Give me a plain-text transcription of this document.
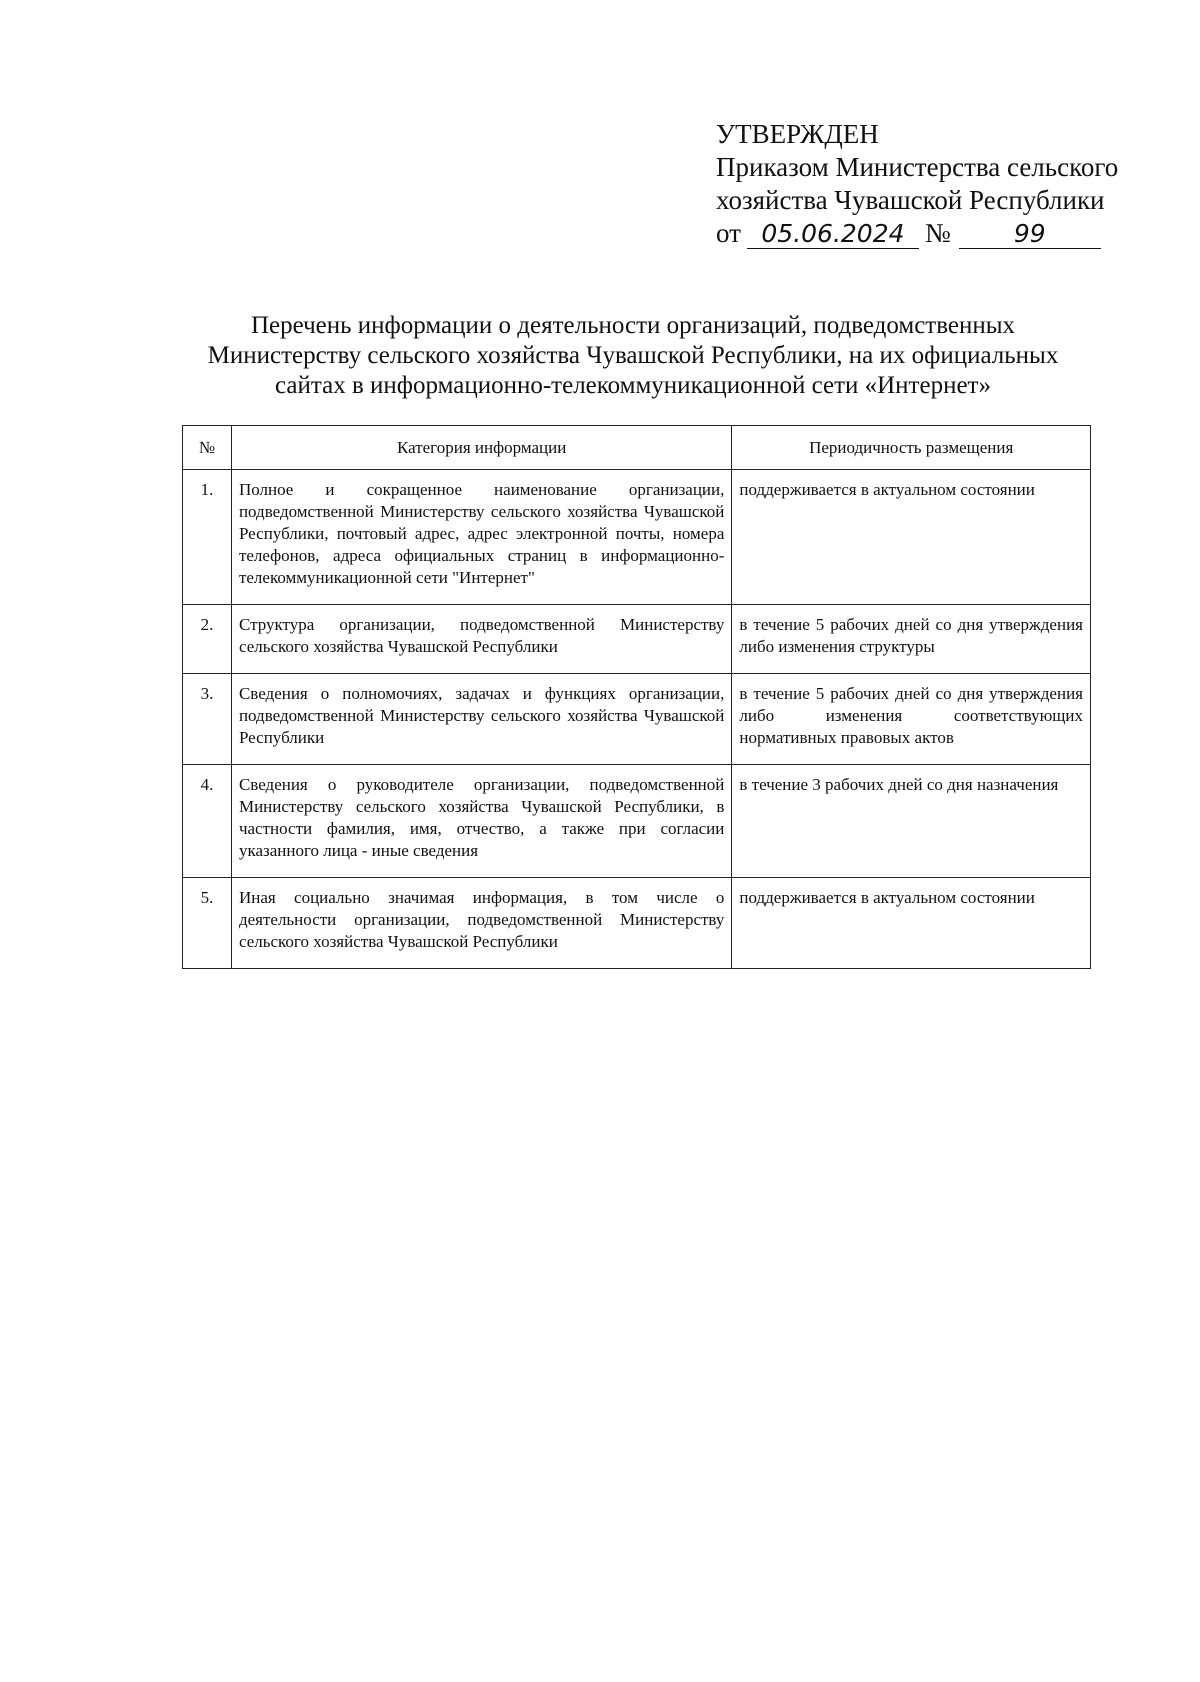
УТВЕРЖДЕН
Приказом Министерства сельского
хозяйства Чувашской Республики
от 05.06.2024 №	99
Перечень информации о деятельности организаций, подведомственных
Министерству сельского хозяйства Чувашской Республики, на их официальных
сайтах в информационно-телекоммуникационной сети «Интернет»
№	Категория информации	Периодичность размещения
1.	Полное и сокращенное наименование организации, подведомственной Министерству сельского хозяйства Чувашской Республики, почтовый адрес, адрес электронной почты, номера телефонов, адреса официальных страниц в информационно-телекоммуникационной сети "Интернет"	поддерживается в актуальном состоянии
2.	Структура организации, подведомственной Министерству сельского хозяйства Чувашской Республики	в течение 5 рабочих дней со дня утверждения либо изменения структуры
3.	Сведения о полномочиях, задачах и функциях организации, подведомственной Министерству сельского хозяйства Чувашской Республики	в течение 5 рабочих дней со дня утверждения либо изменения соответствующих нормативных правовых актов
4.	Сведения о руководителе организации, подведомственной Министерству сельского хозяйства Чувашской Республики, в частности фамилия, имя, отчество, а также при согласии указанного лица - иные сведения	в течение 3 рабочих дней со дня назначения
5.	Иная социально значимая информация, в том числе о деятельности организации, подведомственной Министерству сельского хозяйства Чувашской Республики	поддерживается в актуальном состоянии
